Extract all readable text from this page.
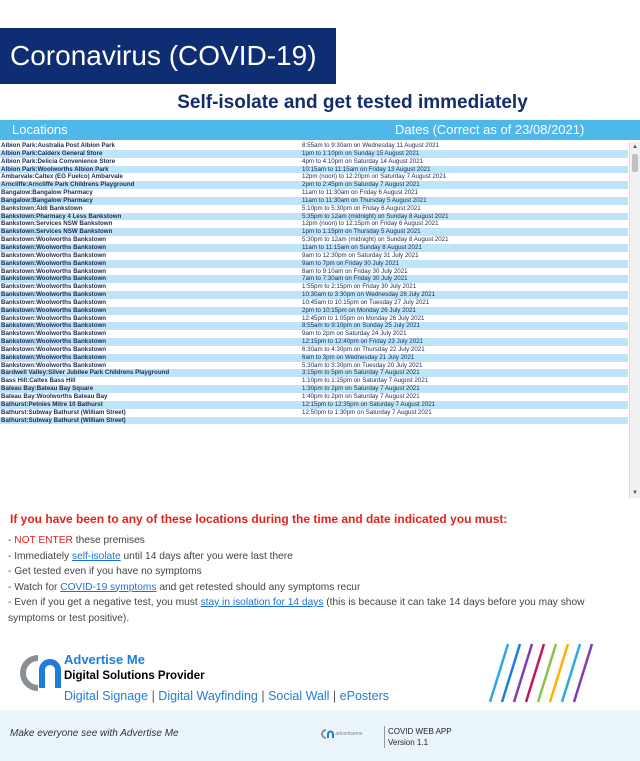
Coronavirus (COVID-19)
Self-isolate and get tested immediately
Locations	Dates (Correct as of 23/08/2021)
Albion Park:Australia Post Albion Park	8:55am to 9:30am on Wednesday 11 August 2021
Albion Park:Calderx General Store	1pm to 1:10pm on Sunday 15 August 2021
Albion Park:Delicia Convenience Store	4pm to 4:10pm on Saturday 14 August 2021
Albion Park:Woolworths Albion Park	10:15am to 11:15am on Friday 13 August 2021
Ambarvale:Caltex (EG Fuelco) Ambarvale	12pm (noon) to 12:20pm on Saturday 7 August 2021
Arncliffe:Arncliffe Park Childrens Playground	2pm to 2:45pm on Saturday 7 August 2021
Bangalow:Bangalow Pharmacy	11am to 11:30am on Friday 6 August 2021
Bangalow:Bangalow Pharmacy	11am to 11:30am on Thursday 5 August 2021
Bankstown:Aldi Bankstown	5:10pm to 5:30pm on Friday 6 August 2021
Bankstown:Pharmacy 4 Less Bankstown	5:35pm to 12am (midnight) on Sunday 8 August 2021
Bankstown:Services NSW Bankstown	12pm (noon) to 12:15pm on Friday 6 August 2021
Bankstown:Services NSW Bankstown	1pm to 1:15pm on Thursday 5 August 2021
Bankstown:Woolworths Bankstown	5:30pm to 12am (midnight) on Sunday 8 August 2021
Bankstown:Woolworths Bankstown	11am to 11:15am on Sunday 8 August 2021
Bankstown:Woolworths Bankstown	9am to 12:30pm on Saturday 31 July 2021
Bankstown:Woolworths Bankstown	9am to 7pm on Friday 30 July 2021
Bankstown:Woolworths Bankstown	8am to 9:10am on Friday 30 July 2021
Bankstown:Woolworths Bankstown	7am to 7:30am on Friday 30 July 2021
Bankstown:Woolworths Bankstown	1:55pm to 2:15pm on Friday 30 July 2021
Bankstown:Woolworths Bankstown	10:30am to 3:30pm on Wednesday 28 July 2021
Bankstown:Woolworths Bankstown	10:45am to 10:15pm on Tuesday 27 July 2021
Bankstown:Woolworths Bankstown	2pm to 10:15pm on Monday 26 July 2021
Bankstown:Woolworths Bankstown	12:45pm to 1:05pm on Monday 26 July 2021
Bankstown:Woolworths Bankstown	8:55am to 9:10pm on Sunday 25 July 2021
Bankstown:Woolworths Bankstown	9am to 2pm on Saturday 24 July 2021
Bankstown:Woolworths Bankstown	12:15pm to 12:40pm on Friday 23 July 2021
Bankstown:Woolworths Bankstown	6:30am to 4:30pm on Thursday 22 July 2021
Bankstown:Woolworths Bankstown	6am to 3pm on Wednesday 21 July 2021
Bankstown:Woolworths Bankstown	5:30am to 3:30pm on Tuesday 20 July 2021
Bardwell Valley:Silver Jubilee Park Childrens Playground	3:15pm to 5pm on Saturday 7 August 2021
Bass Hill:Caltex Bass Hill	1:10pm to 1:15pm on Saturday 7 August 2021
Bateau Bay:Bateau Bay Square	1:30pm to 2pm on Saturday 7 August 2021
Bateau Bay:Woolworths Bateau Bay	1:40pm to 2pm on Saturday 7 August 2021
Bathurst:Petnies Mitre 10 Bathurst	12:15pm to 12:35pm on Saturday 7 August 2021
Bathurst:Subway Bathurst (William Street)	12:50pm to 1:30pm on Saturday 7 August 2021
Bathurst:Subway Bathurst (William Street)
▲
▼
If you have been to any of these locations during the time and date indicated you must:
- NOT ENTER these premises
- Immediately self-isolate until 14 days after you were last there
- Get tested even if you have no symptoms
- Watch for COVID-19 symptoms and get retested should any symptoms recur
- Even if you get a negative test, you must stay in isolation for 14 days (this is because it can take 14 days before you may show symptoms or test positive).
Advertise Me
Digital Solutions Provider
Digital Signage | Digital Wayfinding | Social Wall | ePosters
Make everyone see with Advertise Me	advertiseme	COVID WEB APP
Version 1.1
